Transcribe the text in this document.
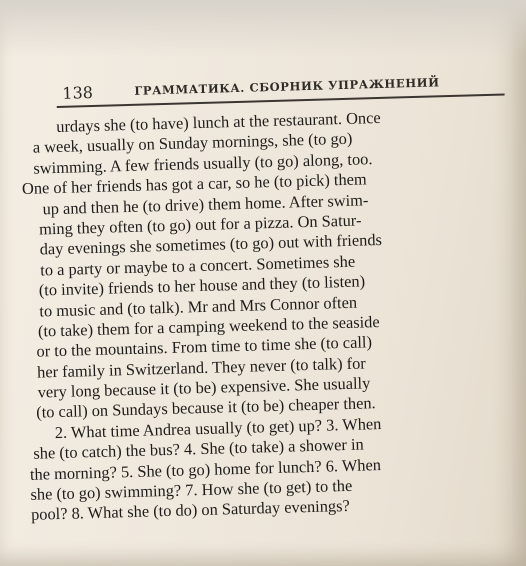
138	ГРАММАТИКА. СБОРНИК УПРАЖНЕНИЙ
urdays she (to have) lunch at the restaurant. Once
a week, usually on Sunday mornings, she (to go)
swimming. A few friends usually (to go) along, too.
One of her friends has got a car, so he (to pick) them
up and then he (to drive) them home. After swim-
ming they often (to go) out for a pizza. On Satur-
day evenings she sometimes (to go) out with friends
to a party or maybe to a concert. Sometimes she
(to invite) friends to her house and they (to listen)
to music and (to talk). Mr and Mrs Connor often
(to take) them for a camping weekend to the seaside
or to the mountains. From time to time she (to call)
her family in Switzerland. They never (to talk) for
very long because it (to be) expensive. She usually
(to call) on Sundays because it (to be) cheaper then.
2. What time Andrea usually (to get) up? 3. When
she (to catch) the bus? 4. She (to take) a shower in
the morning? 5. She (to go) home for lunch? 6. When
she (to go) swimming? 7. How she (to get) to the
pool? 8. What she (to do) on Saturday evenings?
